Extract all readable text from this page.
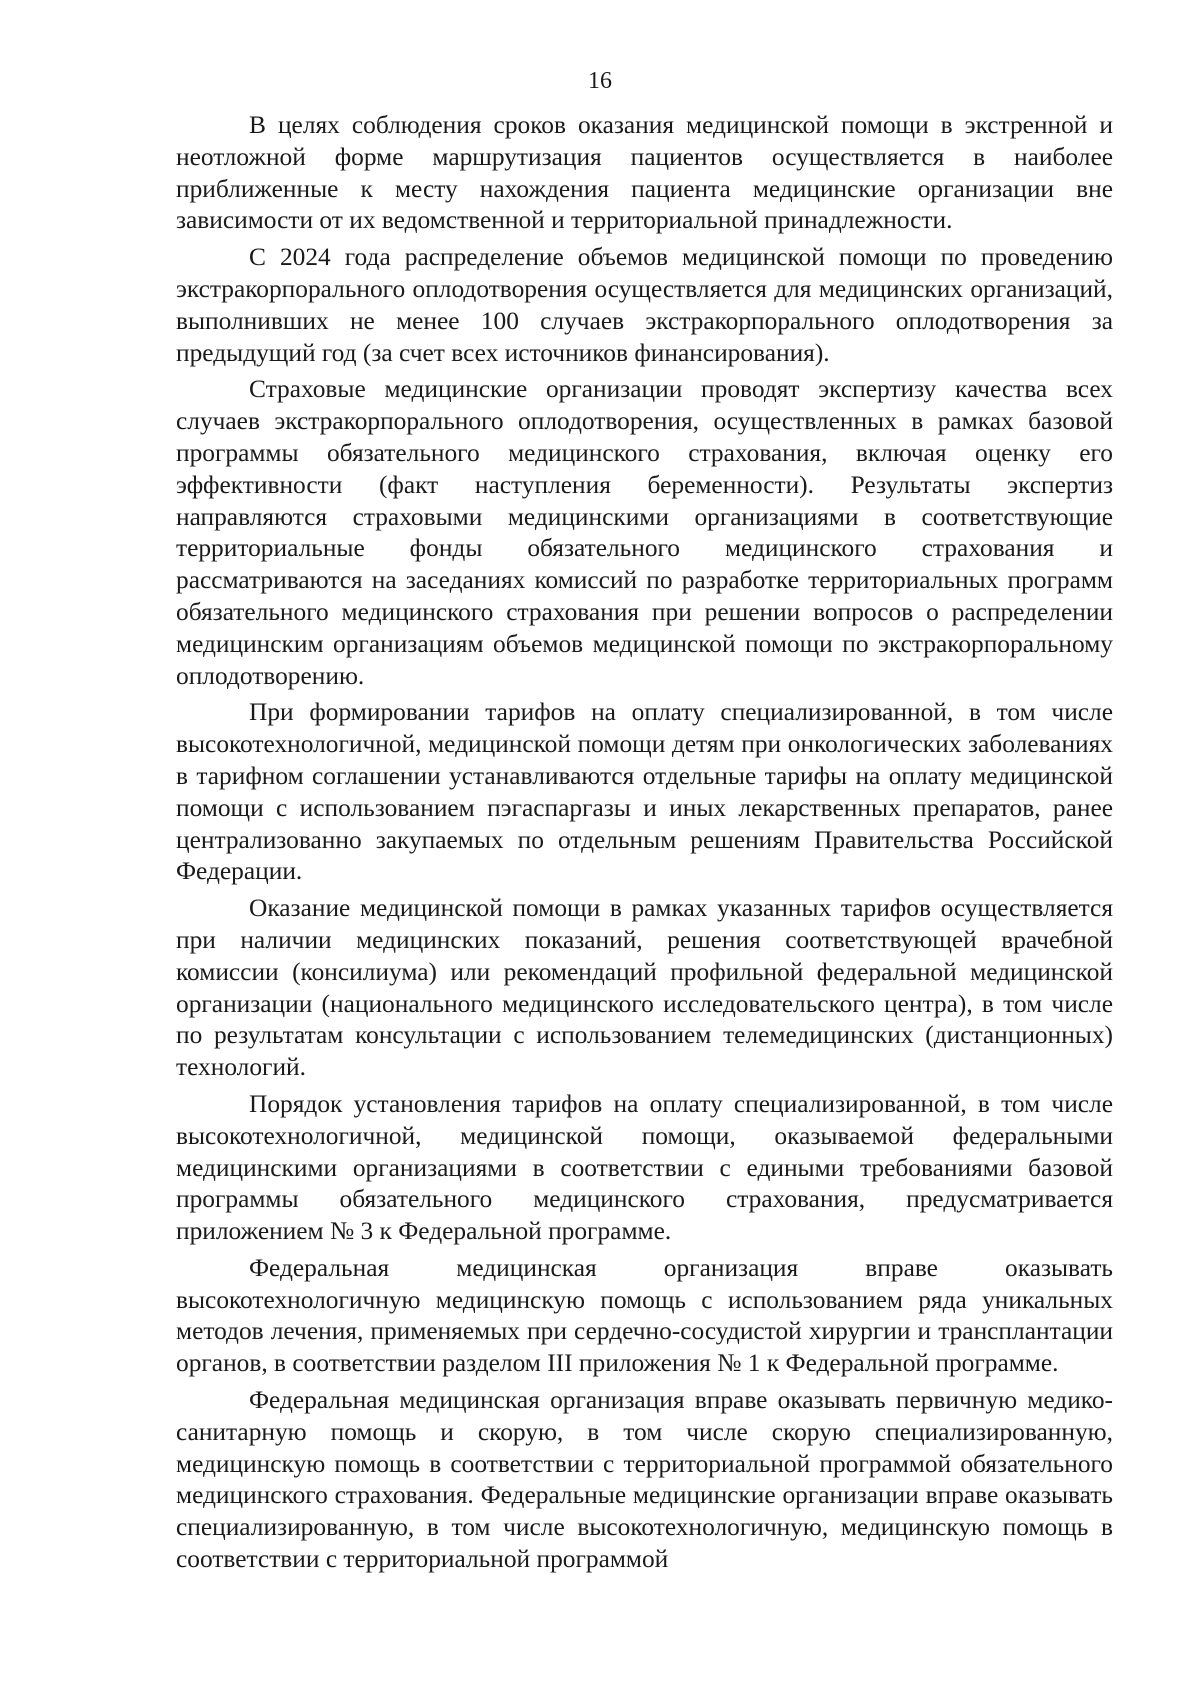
16

В целях соблюдения сроков оказания медицинской помощи в экстренной и неотложной форме маршрутизация пациентов осуществляется в наиболее приближенные к месту нахождения пациента медицинские организации вне зависимости от их ведомственной и территориальной принадлежности.

С 2024 года распределение объемов медицинской помощи по проведению экстракорпорального оплодотворения осуществляется для медицинских организаций, выполнивших не менее 100 случаев экстракорпорального оплодотворения за предыдущий год (за счет всех источников финансирования).

Страховые медицинские организации проводят экспертизу качества всех случаев экстракорпорального оплодотворения, осуществленных в рамках базовой программы обязательного медицинского страхования, включая оценку его эффективности (факт наступления беременности). Результаты экспертиз направляются страховыми медицинскими организациями в соответствующие территориальные фонды обязательного медицинского страхования и рассматриваются на заседаниях комиссий по разработке территориальных программ обязательного медицинского страхования при решении вопросов о распределении медицинским организациям объемов медицинской помощи по экстракорпоральному оплодотворению.

При формировании тарифов на оплату специализированной, в том числе высокотехнологичной, медицинской помощи детям при онкологических заболеваниях в тарифном соглашении устанавливаются отдельные тарифы на оплату медицинской помощи с использованием пэгаспаргазы и иных лекарственных препаратов, ранее централизованно закупаемых по отдельным решениям Правительства Российской Федерации.

Оказание медицинской помощи в рамках указанных тарифов осуществляется при наличии медицинских показаний, решения соответствующей врачебной комиссии (консилиума) или рекомендаций профильной федеральной медицинской организации (национального медицинского исследовательского центра), в том числе по результатам консультации с использованием телемедицинских (дистанционных) технологий.

Порядок установления тарифов на оплату специализированной, в том числе высокотехнологичной, медицинской помощи, оказываемой федеральными медицинскими организациями в соответствии с едиными требованиями базовой программы обязательного медицинского страхования, предусматривается приложением № 3 к Федеральной программе.

Федеральная медицинская организация вправе оказывать высокотехнологичную медицинскую помощь с использованием ряда уникальных методов лечения, применяемых при сердечно-сосудистой хирургии и трансплантации органов, в соответствии разделом III приложения № 1 к Федеральной программе.

Федеральная медицинская организация вправе оказывать первичную медико-санитарную помощь и скорую, в том числе скорую специализированную, медицинскую помощь в соответствии с территориальной программой обязательного медицинского страхования. Федеральные медицинские организации вправе оказывать специализированную, в том числе высокотехнологичную, медицинскую помощь в соответствии с территориальной программой
